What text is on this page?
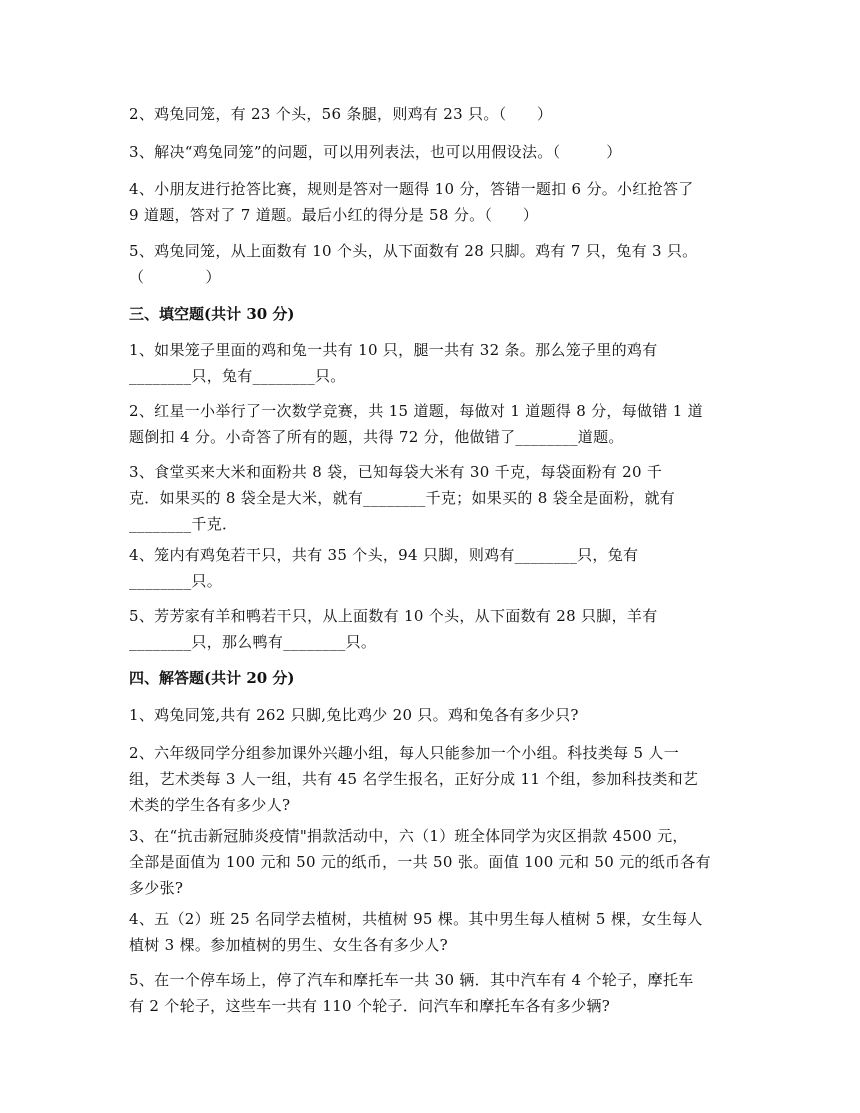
2、鸡兔同笼，有 23 个头，56 条腿，则鸡有 23 只。（　　）
3、解决“鸡兔同笼”的问题，可以用列表法，也可以用假设法。（　　　）
4、小朋友进行抢答比赛，规则是答对一题得 10 分，答错一题扣 6 分。小红抢答了
9 道题，答对了 7 道题。最后小红的得分是 58 分。（　　）
5、鸡兔同笼，从上面数有 10 个头，从下面数有 28 只脚。鸡有 7 只，兔有 3 只。
（　　　　）
三、填空题(共计 30 分)
1、如果笼子里面的鸡和兔一共有 10 只，腿一共有 32 条。那么笼子里的鸡有
________只，兔有________只。
2、红星一小举行了一次数学竞赛，共 15 道题，每做对 1 道题得 8 分，每做错 1 道
题倒扣 4 分。小奇答了所有的题，共得 72 分，他做错了________道题。
3、食堂买来大米和面粉共 8 袋，已知每袋大米有 30 千克，每袋面粉有 20 千
克．如果买的 8 袋全是大米，就有________千克；如果买的 8 袋全是面粉，就有
________千克．
4、笼内有鸡兔若干只，共有 35 个头，94 只脚，则鸡有________只，兔有
________只。
5、芳芳家有羊和鸭若干只，从上面数有 10 个头，从下面数有 28 只脚，羊有
________只，那么鸭有________只。
四、解答题(共计 20 分)
1、鸡兔同笼,共有 262 只脚,兔比鸡少 20 只。鸡和兔各有多少只?
2、六年级同学分组参加课外兴趣小组，每人只能参加一个小组。科技类每 5 人一
组，艺术类每 3 人一组，共有 45 名学生报名，正好分成 11 个组，参加科技类和艺
术类的学生各有多少人?
3、在“抗击新冠肺炎疫情"捐款活动中，六（1）班全体同学为灾区捐款 4500 元，
全部是面值为 100 元和 50 元的纸币，一共 50 张。面值 100 元和 50 元的纸币各有
多少张?
4、五（2）班 25 名同学去植树，共植树 95 棵。其中男生每人植树 5 棵，女生每人
植树 3 棵。参加植树的男生、女生各有多少人?
5、在一个停车场上，停了汽车和摩托车一共 30 辆．其中汽车有 4 个轮子，摩托车
有 2 个轮子，这些车一共有 110 个轮子．问汽车和摩托车各有多少辆?
